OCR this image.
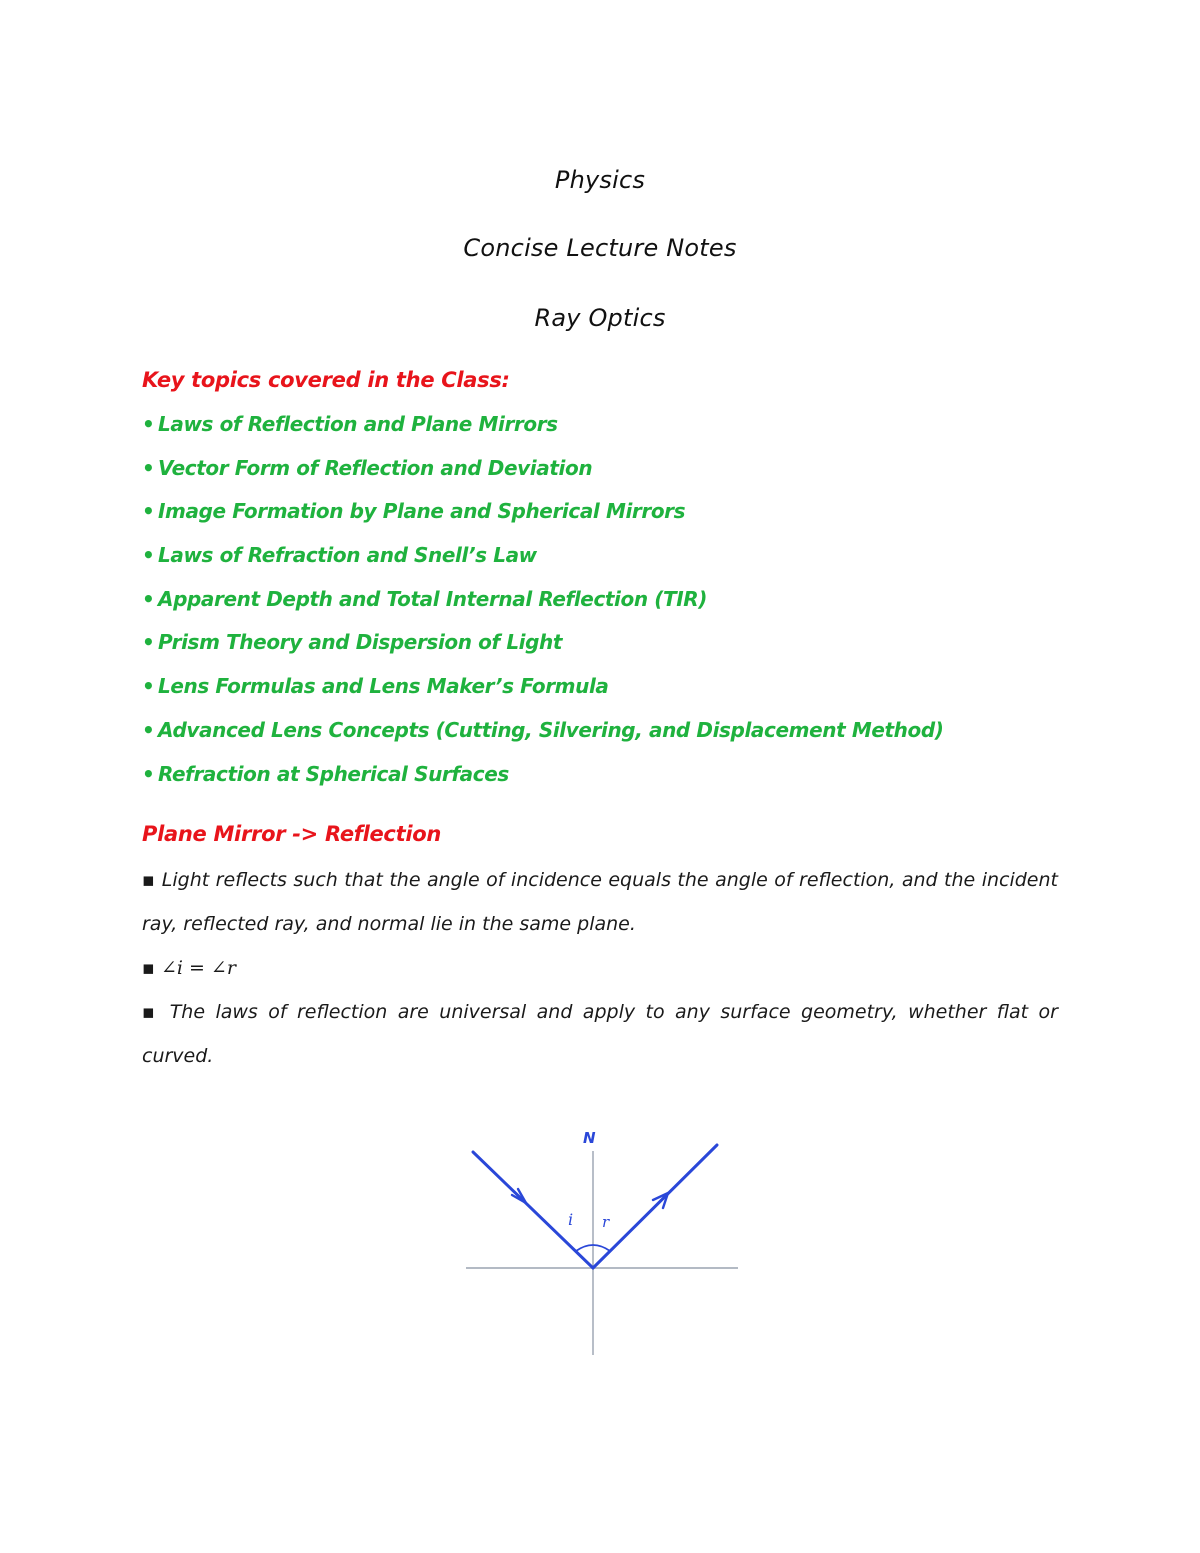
Physics
Concise Lecture Notes
Ray Optics
Key topics covered in the Class:
• Laws of Reflection and Plane Mirrors
• Vector Form of Reflection and Deviation
• Image Formation by Plane and Spherical Mirrors
• Laws of Refraction and Snell’s Law
• Apparent Depth and Total Internal Reflection (TIR)
• Prism Theory and Dispersion of Light
• Lens Formulas and Lens Maker’s Formula
• Advanced Lens Concepts (Cutting, Silvering, and Displacement Method)
• Refraction at Spherical Surfaces
Plane Mirror -> Reflection
▪ Light reflects such that the angle of incidence equals the angle of reflection, and the incident ray, reflected ray, and normal lie in the same plane.
▪ ∠i = ∠r
▪ The laws of reflection are universal and apply to any surface geometry, whether flat or curved.
N
i r
